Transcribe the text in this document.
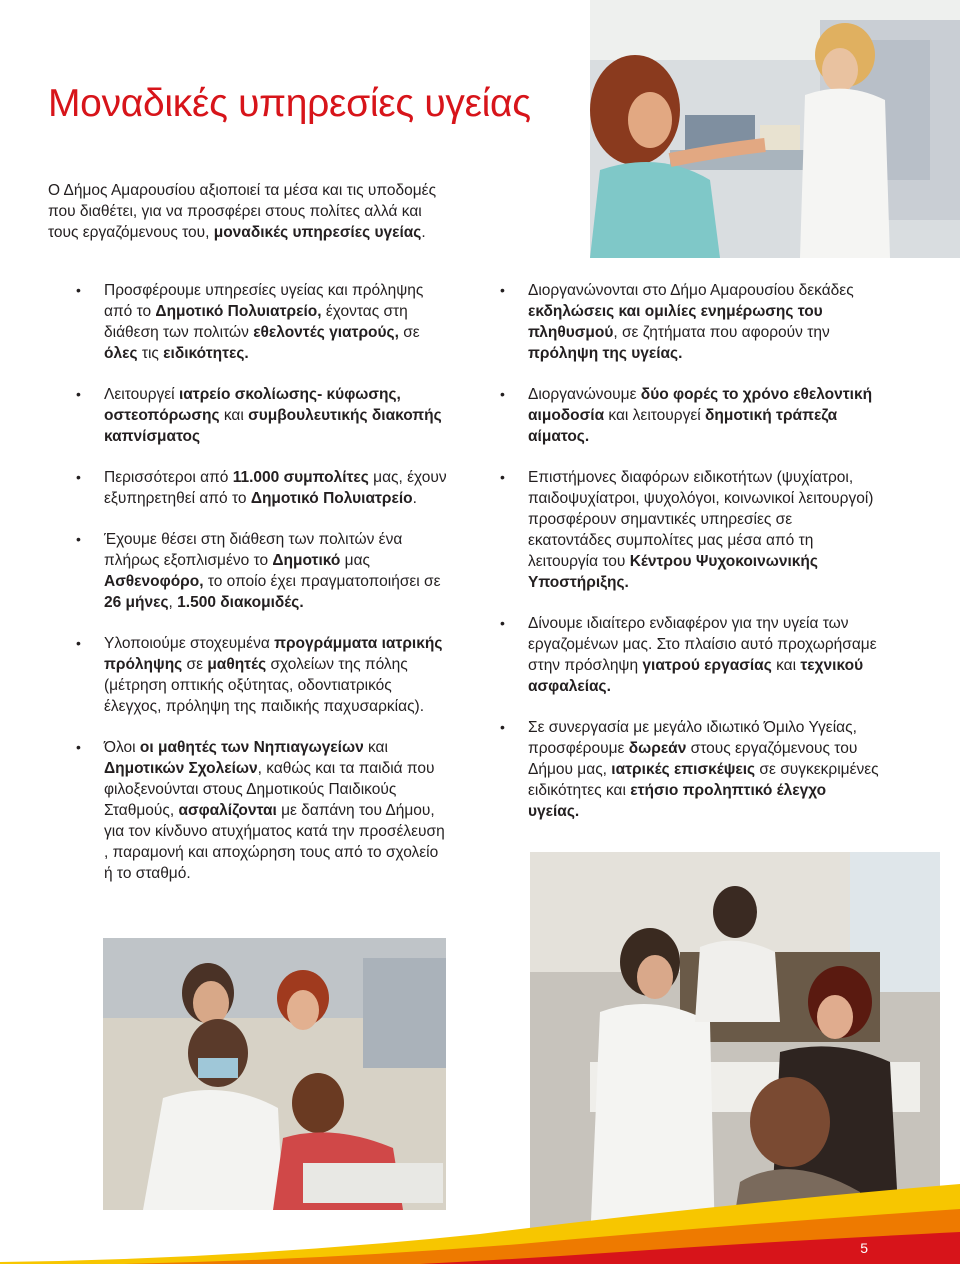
Μοναδικές υπηρεσίες υγείας

Ο Δήμος Αμαρουσίου αξιοποιεί τα μέσα και τις υποδομές που διαθέτει, για να προσφέρει στους πολίτες αλλά και τους εργαζόμενους του, μοναδικές υπηρεσίες υγείας.

• Προσφέρουμε υπηρεσίες υγείας και πρόληψης από το Δημοτικό Πολυιατρείο, έχοντας στη διάθεση των πολιτών εθελοντές γιατρούς, σε όλες τις ειδικότητες.
• Λειτουργεί ιατρείο σκολίωσης- κύφωσης, οστεοπόρωσης και συμβουλευτικής διακοπής καπνίσματος
• Περισσότεροι από 11.000 συμπολίτες μας, έχουν εξυπηρετηθεί από το Δημοτικό Πολυιατρείο.
• Έχουμε θέσει στη διάθεση των πολιτών ένα πλήρως εξοπλισμένο το Δημοτικό μας Ασθενοφόρο, το οποίο έχει πραγματοποιήσει σε 26 μήνες, 1.500 διακομιδές.
• Υλοποιούμε στοχευμένα προγράμματα ιατρικής πρόληψης σε μαθητές σχολείων της πόλης (μέτρηση οπτικής οξύτητας, οδοντιατρικός έλεγχος, πρόληψη της παιδικής παχυσαρκίας).
• Όλοι οι μαθητές των Νηπιαγωγείων και Δημοτικών Σχολείων, καθώς και τα παιδιά που φιλοξενούνται στους Δημοτικούς Παιδικούς Σταθμούς, ασφαλίζονται με δαπάνη του Δήμου, για τον κίνδυνο ατυχήματος κατά την προσέλευση , παραμονή και αποχώρηση τους από το σχολείο ή το σταθμό.
• Διοργανώνονται στο Δήμο Αμαρουσίου δεκάδες εκδηλώσεις και ομιλίες ενημέρωσης του πληθυσμού, σε ζητήματα που αφορούν την πρόληψη της υγείας.
• Διοργανώνουμε δύο φορές το χρόνο εθελοντική αιμοδοσία και λειτουργεί δημοτική τράπεζα αίματος.
• Επιστήμονες διαφόρων ειδικοτήτων (ψυχίατροι, παιδοψυχίατροι, ψυχολόγοι, κοινωνικοί λειτουργοί) προσφέρουν σημαντικές υπηρεσίες σε εκατοντάδες συμπολίτες μας μέσα από τη λειτουργία του Κέντρου Ψυχοκοινωνικής Υποστήριξης.
• Δίνουμε ιδιαίτερο ενδιαφέρον για την υγεία των εργαζομένων μας. Στο πλαίσιο αυτό προχωρήσαμε στην πρόσληψη γιατρού εργασίας και τεχνικού ασφαλείας.
• Σε συνεργασία με μεγάλο ιδιωτικό Όμιλο Υγείας, προσφέρουμε δωρεάν στους εργαζόμενους του Δήμου μας, ιατρικές επισκέψεις σε συγκεκριμένες ειδικότητες και ετήσιο προληπτικό έλεγχο υγείας.
5
